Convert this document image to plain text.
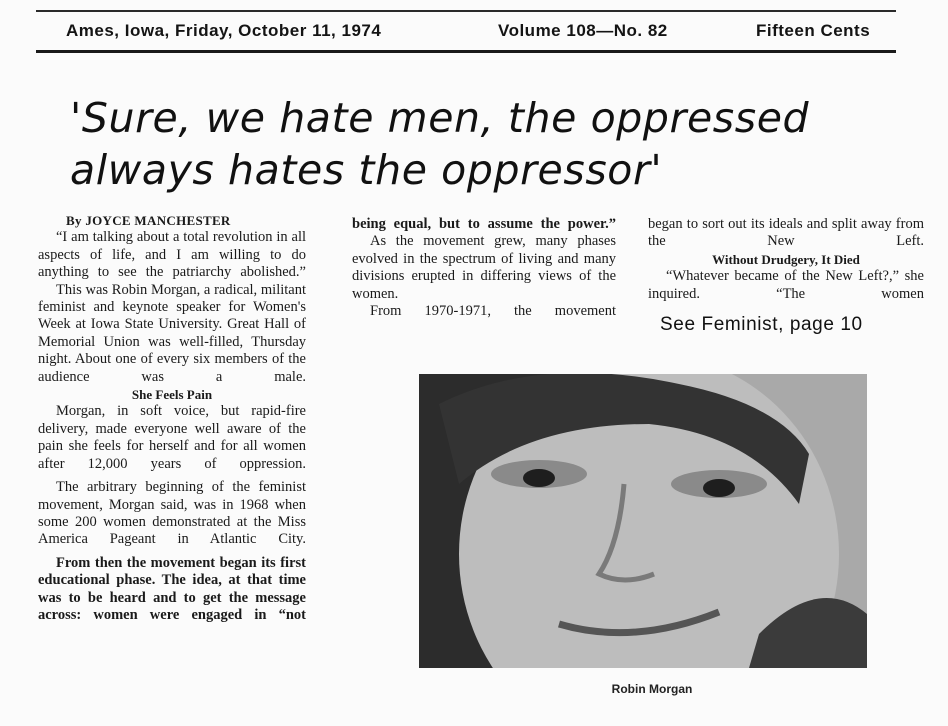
Ames, Iowa, Friday, October 11, 1974	Volume 108—No. 82	Fifteen Cents
'Sure, we hate men, the oppressed
always hates the oppressor'

By JOYCE MANCHESTER

“I am talking about a total revolution in all aspects of life, and I am willing to do anything to see the patriarchy abolished.”

This was Robin Morgan, a radical, militant feminist and keynote speaker for Women's Week at Iowa State University. Great Hall of Memorial Union was well-filled, Thursday night. About one of every six members of the audience was a male.

She Feels Pain

Morgan, in soft voice, but rapid-fire delivery, made everyone well aware of the pain she feels for herself and for all women after 12,000 years of oppression.

The arbitrary beginning of the feminist movement, Morgan said, was in 1968 when some 200 women demonstrated at the Miss America Pageant in Atlantic City.

From then the movement began its first educational phase. The idea, at that time was to be heard and to get the message across: women were engaged in “not

being equal, but to assume the power.”

As the movement grew, many phases evolved in the spectrum of living and many divisions erupted in differing views of the women.

From 1970-1971, the movement

began to sort out its ideals and split away from the New Left.

Without Drudgery, It Died

“Whatever became of the New Left?,” she inquired. “The women

See Feminist, page 10
Robin Morgan
